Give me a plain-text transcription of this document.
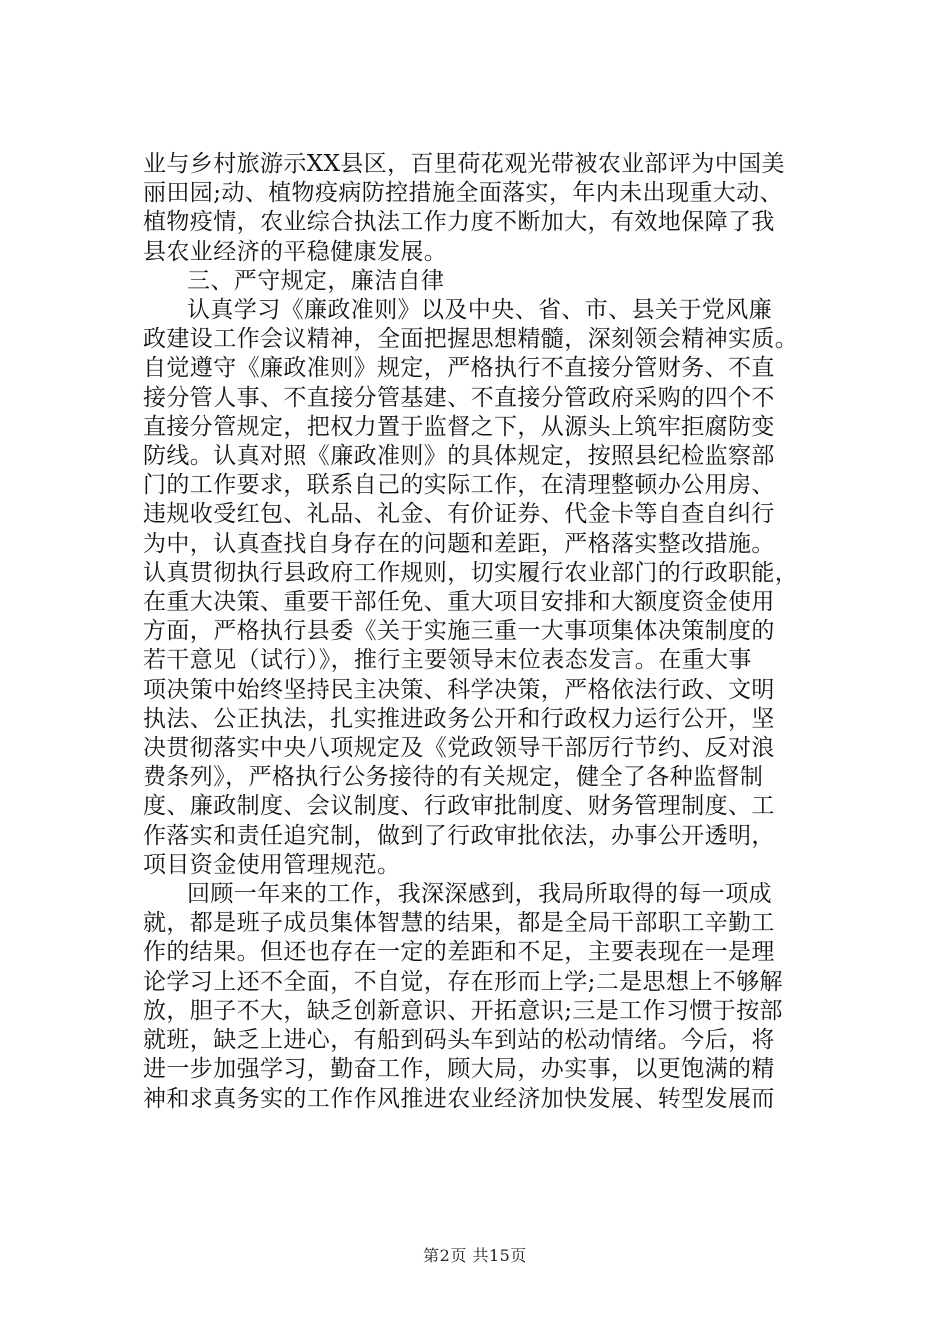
业与乡村旅游示XX县区，百里荷花观光带被农业部评为中国美
丽田园;动、植物疫病防控措施全面落实，年内未出现重大动、
植物疫情，农业综合执法工作力度不断加大，有效地保障了我
县农业经济的平稳健康发展。
三、严守规定，廉洁自律
认真学习《廉政准则》以及中央、省、市、县关于党风廉
政建设工作会议精神，全面把握思想精髓，深刻领会精神实质。
自觉遵守《廉政准则》规定，严格执行不直接分管财务、不直
接分管人事、不直接分管基建、不直接分管政府采购的四个不
直接分管规定，把权力置于监督之下，从源头上筑牢拒腐防变
防线。认真对照《廉政准则》的具体规定，按照县纪检监察部
门的工作要求，联系自己的实际工作，在清理整顿办公用房、
违规收受红包、礼品、礼金、有价证券、代金卡等自查自纠行
为中，认真查找自身存在的问题和差距，严格落实整改措施。
认真贯彻执行县政府工作规则，切实履行农业部门的行政职能，
在重大决策、重要干部任免、重大项目安排和大额度资金使用
方面，严格执行县委《关于实施三重一大事项集体决策制度的
若干意见（试行）》，推行主要领导末位表态发言。在重大事
项决策中始终坚持民主决策、科学决策，严格依法行政、文明
执法、公正执法，扎实推进政务公开和行政权力运行公开，坚
决贯彻落实中央八项规定及《党政领导干部厉行节约、反对浪
费条列》，严格执行公务接待的有关规定，健全了各种监督制
度、廉政制度、会议制度、行政审批制度、财务管理制度、工
作落实和责任追究制，做到了行政审批依法，办事公开透明，
项目资金使用管理规范。
回顾一年来的工作，我深深感到，我局所取得的每一项成
就，都是班子成员集体智慧的结果，都是全局干部职工辛勤工
作的结果。但还也存在一定的差距和不足，主要表现在一是理
论学习上还不全面，不自觉，存在形而上学;二是思想上不够解
放，胆子不大，缺乏创新意识、开拓意识;三是工作习惯于按部
就班，缺乏上进心，有船到码头车到站的松动情绪。今后，将
进一步加强学习，勤奋工作，顾大局，办实事，以更饱满的精
神和求真务实的工作作风推进农业经济加快发展、转型发展而
第2页 共15页
